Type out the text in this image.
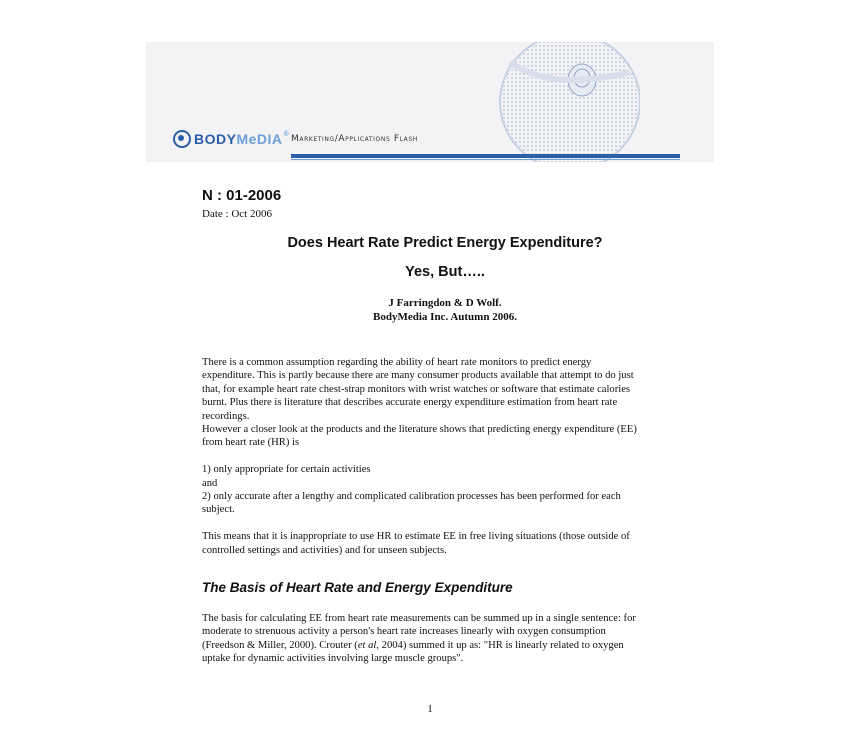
BODYMeDIA® Marketing/Applications Flash

N : 01-2006

Date : Oct 2006

Does Heart Rate Predict Energy Expenditure?

Yes, But…..

J Farringdon & D Wolf.
BodyMedia Inc. Autumn 2006.

There is a common assumption regarding the ability of heart rate monitors to predict energy

expenditure. This is partly because there are many consumer products available that attempt to do just

that, for example heart rate chest-strap monitors with wrist watches or software that estimate calories

burnt. Plus there is literature that describes accurate energy expenditure estimation from heart rate

recordings.

However a closer look at the products and the literature shows that predicting energy expenditure (EE)

from heart rate (HR) is

1) only appropriate for certain activities

and

2) only accurate after a lengthy and complicated calibration processes has been performed for each

subject.

This means that it is inappropriate to use HR to estimate EE in free living situations (those outside of

controlled settings and activities) and for unseen subjects.

The Basis of Heart Rate and Energy Expenditure

The basis for calculating EE from heart rate measurements can be summed up in a single sentence: for

moderate to strenuous activity a person's heart rate increases linearly with oxygen consumption

(Freedson & Miller, 2000). Crouter (et al, 2004) summed it up as: "HR is linearly related to oxygen

uptake for dynamic activities involving large muscle groups".

1
